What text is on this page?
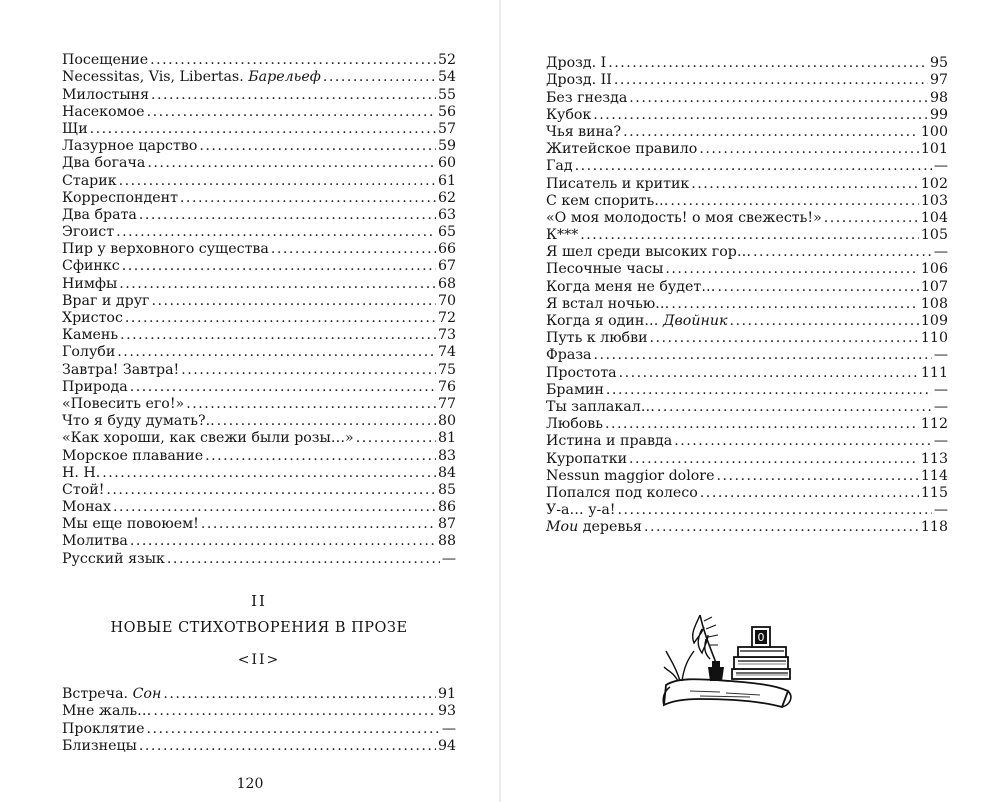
Посещение .....	52
Necessitas, Vis, Libertas. Барельеф .....	54
Милостыня .....	55
Насекомое .....	56
Щи .....	57
Лазурное царство .....	59
Два богача .....	60
Старик .....	61
Корреспондент .....	62
Два брата .....	63
Эгоист .....	65
Пир у верховного существа .....	66
Сфинкс .....	67
Нимфы .....	68
Враг и друг .....	70
Христос .....	72
Камень .....	73
Голуби .....	74
Завтра! Завтра! .....	75
Природа .....	76
«Повесить его!» .....	77
Что я буду думать?.. .....	80
«Как хороши, как свежи были розы…» .....	81
Морское плавание .....	83
Н. Н. .....	84
Стой! .....	85
Монах .....	86
Мы еще повоюем! .....	87
Молитва .....	88
Русский язык .....	—
II
НОВЫЕ СТИХОТВОРЕНИЯ В ПРОЗЕ
<II>
Встреча. Сон .....	91
Мне жаль… .....	93
Проклятие .....	—
Близнецы .....	94
120
Дрозд. I .....	95
Дрозд. II .....	97
Без гнезда .....	98
Кубок .....	99
Чья вина? .....	100
Житейское правило .....	101
Гад .....	—
Писатель и критик .....	102
С кем спорить… .....	103
«О моя молодость! о моя свежесть!» .....	104
К*** .....	105
Я шел среди высоких гор… .....	—
Песочные часы .....	106
Когда меня не будет… .....	107
Я встал ночью… .....	108
Когда я один… Двойник .....	109
Путь к любви .....	110
Фраза .....	—
Простота .....	111
Брамин .....	—
Ты заплакал… .....	—
Любовь .....	112
Истина и правда .....	—
Куропатки .....	113
Nessun maggior dolore .....	114
Попался под колесо .....	115
У-а… у-а! .....	—
Мои деревья .....	118
0
